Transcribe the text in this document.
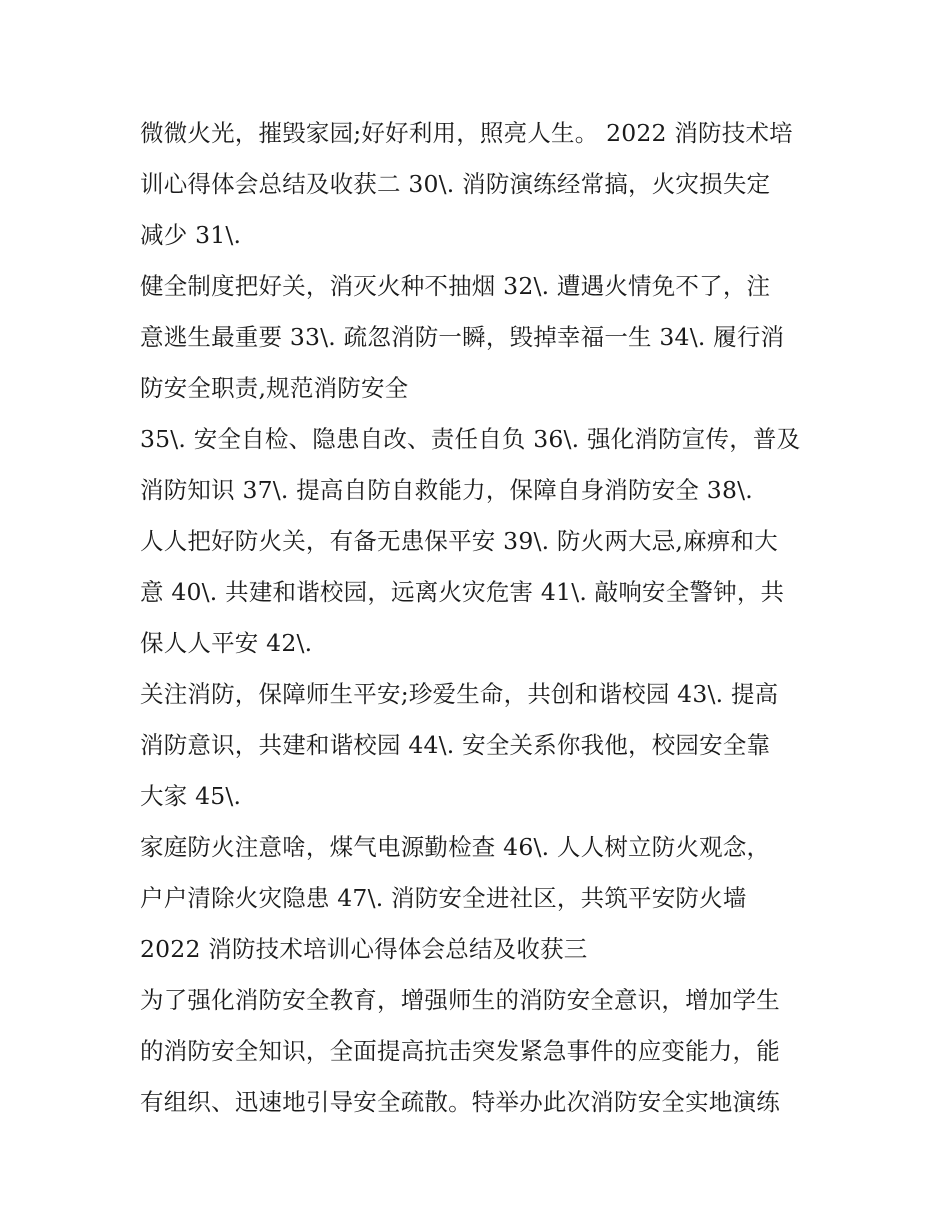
微微火光，摧毁家园;好好利用，照亮人生。 2022 消防技术培
训心得体会总结及收获二 30\. 消防演练经常搞，火灾损失定
减少 31\.
健全制度把好关，消灭火种不抽烟 32\. 遭遇火情免不了，注
意逃生最重要 33\. 疏忽消防一瞬，毁掉幸福一生 34\. 履行消
防安全职责,规范消防安全
35\. 安全自检、隐患自改、责任自负 36\. 强化消防宣传，普及
消防知识 37\. 提高自防自救能力，保障自身消防安全 38\.
人人把好防火关，有备无患保平安 39\. 防火两大忌,麻痹和大
意 40\. 共建和谐校园，远离火灾危害 41\. 敲响安全警钟，共
保人人平安 42\.
关注消防，保障师生平安;珍爱生命，共创和谐校园 43\. 提高
消防意识，共建和谐校园 44\. 安全关系你我他，校园安全靠
大家 45\.
家庭防火注意啥，煤气电源勤检查 46\. 人人树立防火观念，
户户清除火灾隐患 47\. 消防安全进社区，共筑平安防火墙
2022 消防技术培训心得体会总结及收获三
为了强化消防安全教育，增强师生的消防安全意识，增加学生
的消防安全知识，全面提高抗击突发紧急事件的应变能力，能
有组织、迅速地引导安全疏散。特举办此次消防安全实地演练
